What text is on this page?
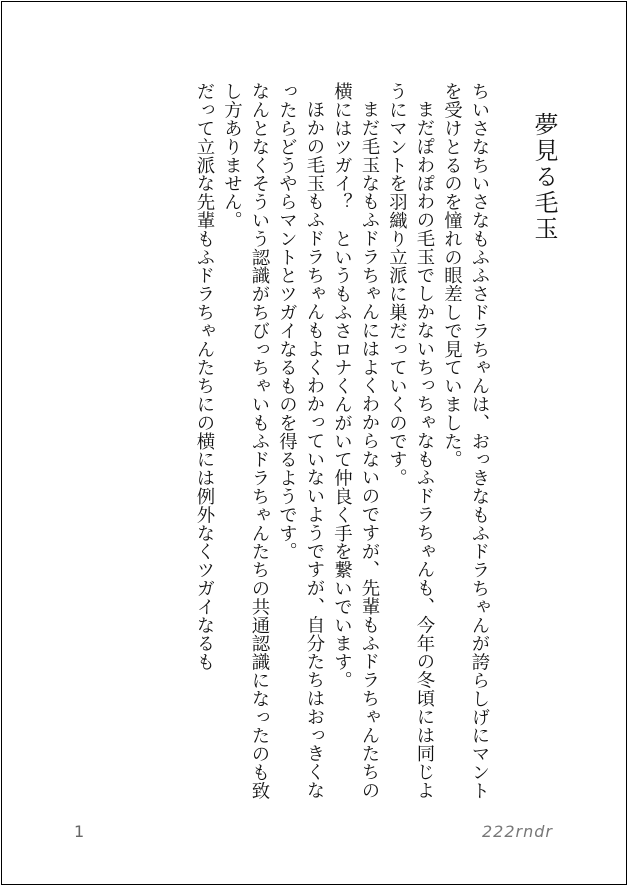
夢見る毛玉

ちいさなちいさなもふふさドラちゃんは、おっきなもふドラちゃんが誇らしげにマントを受けとるのを憧れの眼差しで見ていました。

まだぽわぽわの毛玉でしかないちっちゃなもふドラちゃんも、今年の冬頃には同じようにマントを羽織り立派に巣だっていくのです。

まだ毛玉なもふドラちゃんにはよくわからないのですが、先輩もふドラちゃんたちの横にはツガイ？　というもふさロナくんがいて仲良く手を繋いでいます。

ほかの毛玉もふドラちゃんもよくわかっていないようですが、自分たちはおっきくなったらどうやらマントとツガイなるものを得るようです。

なんとなくそういう認識がちびっちゃいもふドラちゃんたちの共通認識になったのも致し方ありません。

だって立派な先輩もふドラちゃんたちにの横には例外なくツガイなるも

1	222rndr
